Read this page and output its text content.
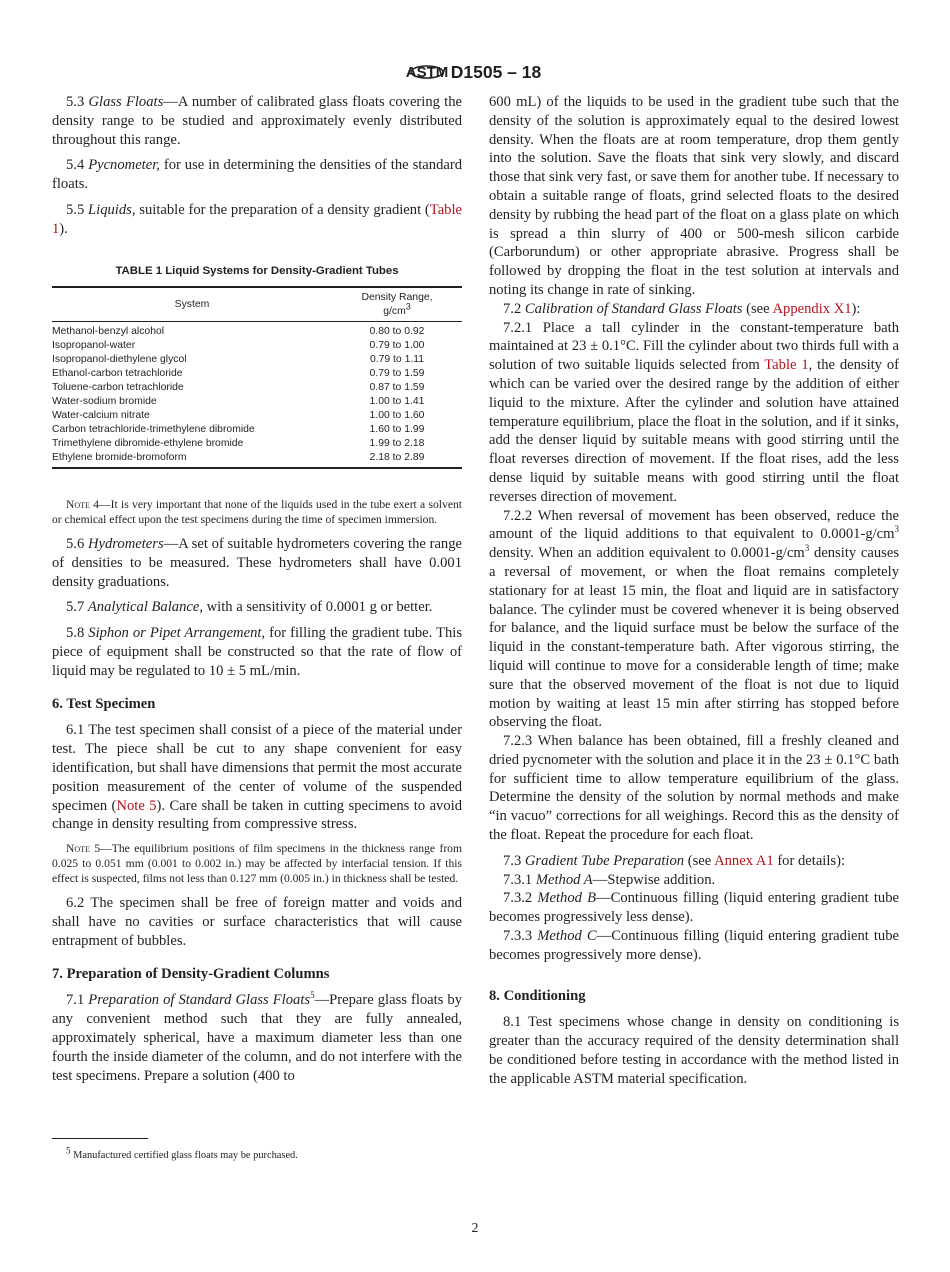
ASTM D1505 – 18
5.3 Glass Floats—A number of calibrated glass floats covering the density range to be studied and approximately evenly distributed throughout this range.
5.4 Pycnometer, for use in determining the densities of the standard floats.
5.5 Liquids, suitable for the preparation of a density gradient (Table 1).
TABLE 1 Liquid Systems for Density-Gradient Tubes
System	Density Range,
$g/cm^3$
Methanol-benzyl alcohol	0.80 to 0.92
Isopropanol-water	0.79 to 1.00
Isopropanol-diethylene glycol	0.79 to 1.11
Ethanol-carbon tetrachloride	0.79 to 1.59
Toluene-carbon tetrachloride	0.87 to 1.59
Water-sodium bromide	1.00 to 1.41
Water-calcium nitrate	1.00 to 1.60
Carbon tetrachloride-trimethylene dibromide	1.60 to 1.99
Trimethylene dibromide-ethylene bromide	1.99 to 2.18
Ethylene bromide-bromoform	2.18 to 2.89
Note 4—It is very important that none of the liquids used in the tube exert a solvent or chemical effect upon the test specimens during the time of specimen immersion.
5.6 Hydrometers—A set of suitable hydrometers covering the range of densities to be measured. These hydrometers shall have 0.001 density graduations.
5.7 Analytical Balance, with a sensitivity of 0.0001 g or better.
5.8 Siphon or Pipet Arrangement, for filling the gradient tube. This piece of equipment shall be constructed so that the rate of flow of liquid may be regulated to 10 ± 5 mL/min.
6. Test Specimen
6.1 The test specimen shall consist of a piece of the material under test. The piece shall be cut to any shape convenient for easy identification, but shall have dimensions that permit the most accurate position measurement of the center of volume of the suspended specimen (Note 5). Care shall be taken in cutting specimens to avoid change in density resulting from compressive stress.
Note 5—The equilibrium positions of film specimens in the thickness range from 0.025 to 0.051 mm (0.001 to 0.002 in.) may be affected by interfacial tension. If this effect is suspected, films not less than 0.127 mm (0.005 in.) in thickness shall be tested.
6.2 The specimen shall be free of foreign matter and voids and shall have no cavities or surface characteristics that will cause entrapment of bubbles.
7. Preparation of Density-Gradient Columns
7.1 Preparation of Standard Glass Floats$^5$—Prepare glass floats by any convenient method such that they are fully annealed, approximately spherical, have a maximum diameter less than one fourth the inside diameter of the column, and do not interfere with the test specimens. Prepare a solution (400 to
600 mL) of the liquids to be used in the gradient tube such that the density of the solution is approximately equal to the desired lowest density. When the floats are at room temperature, drop them gently into the solution. Save the floats that sink very slowly, and discard those that sink very fast, or save them for another tube. If necessary to obtain a suitable range of floats, grind selected floats to the desired density by rubbing the head part of the float on a glass plate on which is spread a thin slurry of 400 or 500-mesh silicon carbide (Carborundum) or other appropriate abrasive. Progress shall be followed by dropping the float in the test solution at intervals and noting its change in rate of sinking.
7.2 Calibration of Standard Glass Floats (see Appendix X1):
7.2.1 Place a tall cylinder in the constant-temperature bath maintained at 23 ± 0.1°C. Fill the cylinder about two thirds full with a solution of two suitable liquids selected from Table 1, the density of which can be varied over the desired range by the addition of either liquid to the mixture. After the cylinder and solution have attained temperature equilibrium, place the float in the solution, and if it sinks, add the denser liquid by suitable means with good stirring until the float reverses direction of movement. If the float rises, add the less dense liquid by suitable means with good stirring until the float reverses direction of movement.
7.2.2 When reversal of movement has been observed, reduce the amount of the liquid additions to that equivalent to $0.0001-g/cm^3$ density. When an addition equivalent to $0.0001-g/cm^3$ density causes a reversal of movement, or when the float remains completely stationary for at least 15 min, the float and liquid are in satisfactory balance. The cylinder must be covered whenever it is being observed for balance, and the liquid surface must be below the surface of the liquid in the constant-temperature bath. After vigorous stirring, the liquid will continue to move for a considerable length of time; make sure that the observed movement of the float is not due to liquid motion by waiting at least 15 min after stirring has stopped before observing the float.
7.2.3 When balance has been obtained, fill a freshly cleaned and dried pycnometer with the solution and place it in the 23 ± 0.1°C bath for sufficient time to allow temperature equilibrium of the glass. Determine the density of the solution by normal methods and make “in vacuo” corrections for all weighings. Record this as the density of the float. Repeat the procedure for each float.
7.3 Gradient Tube Preparation (see Annex A1 for details):
7.3.1 Method A—Stepwise addition.
7.3.2 Method B—Continuous filling (liquid entering gradient tube becomes progressively less dense).
7.3.3 Method C—Continuous filling (liquid entering gradient tube becomes progressively more dense).
8. Conditioning
8.1 Test specimens whose change in density on conditioning is greater than the accuracy required of the density determination shall be conditioned before testing in accordance with the method listed in the applicable ASTM material specification.
$^5$ Manufactured certified glass floats may be purchased.
2
